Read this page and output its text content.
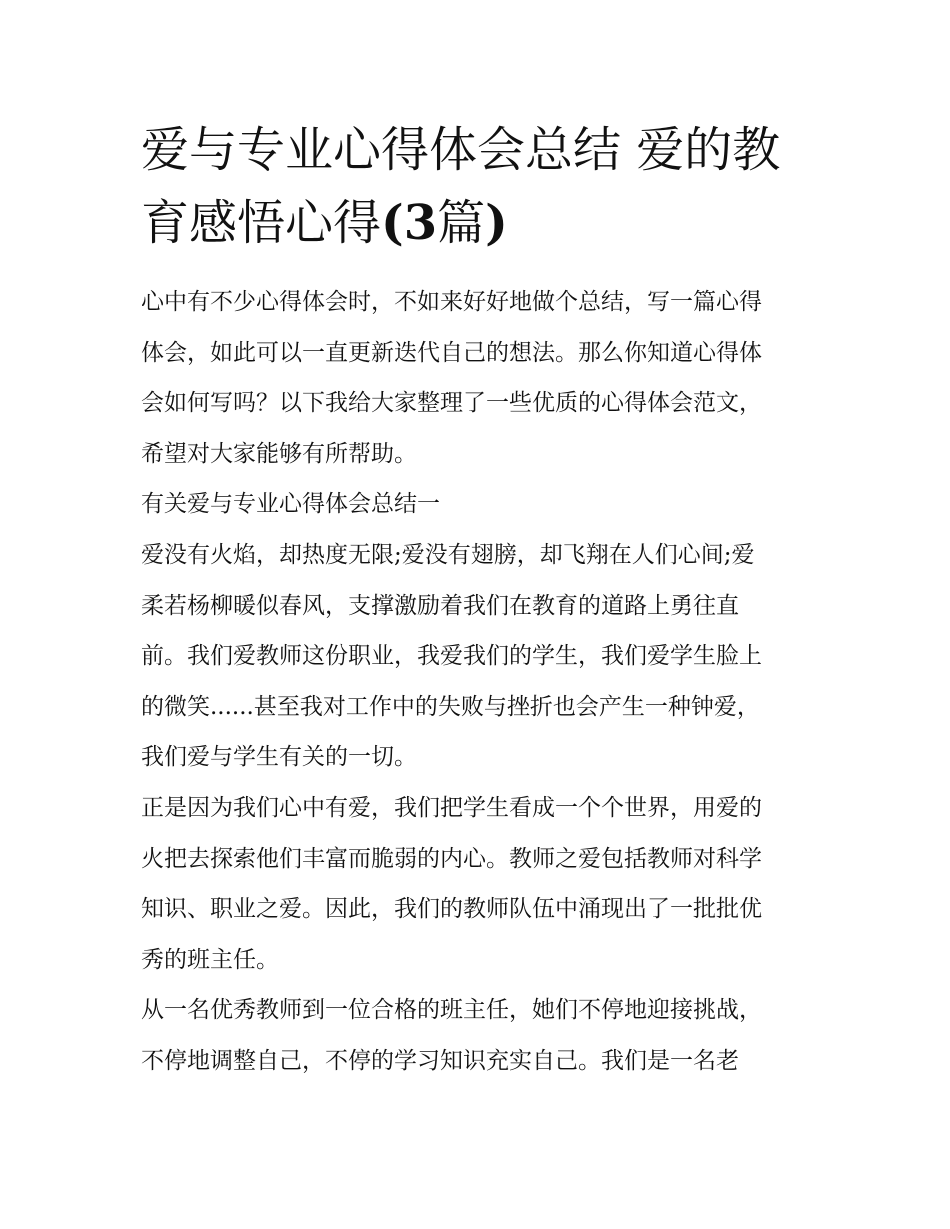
爱与专业心得体会总结 爱的教
育感悟心得(3篇)

心中有不少心得体会时，不如来好好地做个总结，写一篇心得
体会，如此可以一直更新迭代自己的想法。那么你知道心得体
会如何写吗？以下我给大家整理了一些优质的心得体会范文，
希望对大家能够有所帮助。

有关爱与专业心得体会总结一

爱没有火焰，却热度无限;爱没有翅膀，却飞翔在人们心间;爱
柔若杨柳暖似春风，支撑激励着我们在教育的道路上勇往直
前。我们爱教师这份职业，我爱我们的学生，我们爱学生脸上
的微笑......甚至我对工作中的失败与挫折也会产生一种钟爱，
我们爱与学生有关的一切。

正是因为我们心中有爱，我们把学生看成一个个世界，用爱的
火把去探索他们丰富而脆弱的内心。教师之爱包括教师对科学
知识、职业之爱。因此，我们的教师队伍中涌现出了一批批优
秀的班主任。

从一名优秀教师到一位合格的班主任，她们不停地迎接挑战，
不停地调整自己，不停的学习知识充实自己。我们是一名老
